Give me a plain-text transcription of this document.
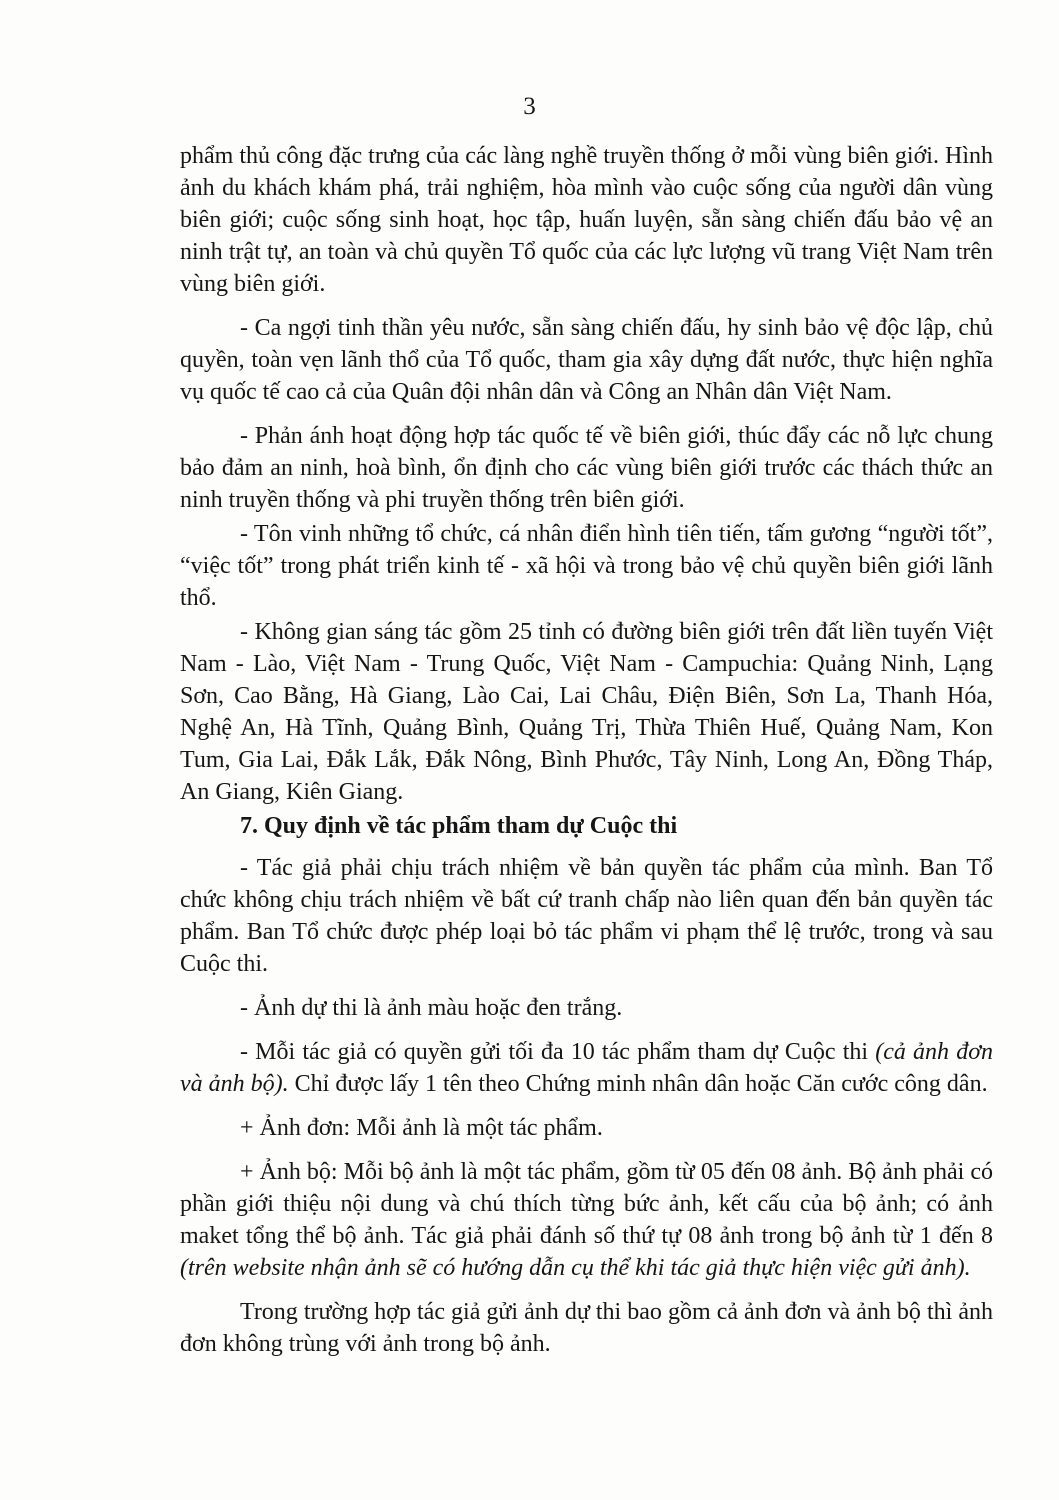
3

phẩm thủ công đặc trưng của các làng nghề truyền thống ở mỗi vùng biên giới. Hình ảnh du khách khám phá, trải nghiệm, hòa mình vào cuộc sống của người dân vùng biên giới; cuộc sống sinh hoạt, học tập, huấn luyện, sẵn sàng chiến đấu bảo vệ an ninh trật tự, an toàn và chủ quyền Tổ quốc của các lực lượng vũ trang Việt Nam trên vùng biên giới.

- Ca ngợi tinh thần yêu nước, sẵn sàng chiến đấu, hy sinh bảo vệ độc lập, chủ quyền, toàn vẹn lãnh thổ của Tổ quốc, tham gia xây dựng đất nước, thực hiện nghĩa vụ quốc tế cao cả của Quân đội nhân dân và Công an Nhân dân Việt Nam.

- Phản ánh hoạt động hợp tác quốc tế về biên giới, thúc đẩy các nỗ lực chung bảo đảm an ninh, hoà bình, ổn định cho các vùng biên giới trước các thách thức an ninh truyền thống và phi truyền thống trên biên giới.

- Tôn vinh những tổ chức, cá nhân điển hình tiên tiến, tấm gương “người tốt”, “việc tốt” trong phát triển kinh tế - xã hội và trong bảo vệ chủ quyền biên giới lãnh thổ.

- Không gian sáng tác gồm 25 tỉnh có đường biên giới trên đất liền tuyến Việt Nam - Lào, Việt Nam - Trung Quốc, Việt Nam - Campuchia: Quảng Ninh, Lạng Sơn, Cao Bằng, Hà Giang, Lào Cai, Lai Châu, Điện Biên, Sơn La, Thanh Hóa, Nghệ An, Hà Tĩnh, Quảng Bình, Quảng Trị, Thừa Thiên Huế, Quảng Nam, Kon Tum, Gia Lai, Đắk Lắk, Đắk Nông, Bình Phước, Tây Ninh, Long An, Đồng Tháp, An Giang, Kiên Giang.

7. Quy định về tác phẩm tham dự Cuộc thi

- Tác giả phải chịu trách nhiệm về bản quyền tác phẩm của mình. Ban Tổ chức không chịu trách nhiệm về bất cứ tranh chấp nào liên quan đến bản quyền tác phẩm. Ban Tổ chức được phép loại bỏ tác phẩm vi phạm thể lệ trước, trong và sau Cuộc thi.

- Ảnh dự thi là ảnh màu hoặc đen trắng.

- Mỗi tác giả có quyền gửi tối đa 10 tác phẩm tham dự Cuộc thi (cả ảnh đơn và ảnh bộ). Chỉ được lấy 1 tên theo Chứng minh nhân dân hoặc Căn cước công dân.

+ Ảnh đơn: Mỗi ảnh là một tác phẩm.

+ Ảnh bộ: Mỗi bộ ảnh là một tác phẩm, gồm từ 05 đến 08 ảnh. Bộ ảnh phải có phần giới thiệu nội dung và chú thích từng bức ảnh, kết cấu của bộ ảnh; có ảnh maket tổng thể bộ ảnh. Tác giả phải đánh số thứ tự 08 ảnh trong bộ ảnh từ 1 đến 8 (trên website nhận ảnh sẽ có hướng dẫn cụ thể khi tác giả thực hiện việc gửi ảnh).

Trong trường hợp tác giả gửi ảnh dự thi bao gồm cả ảnh đơn và ảnh bộ thì ảnh đơn không trùng với ảnh trong bộ ảnh.
